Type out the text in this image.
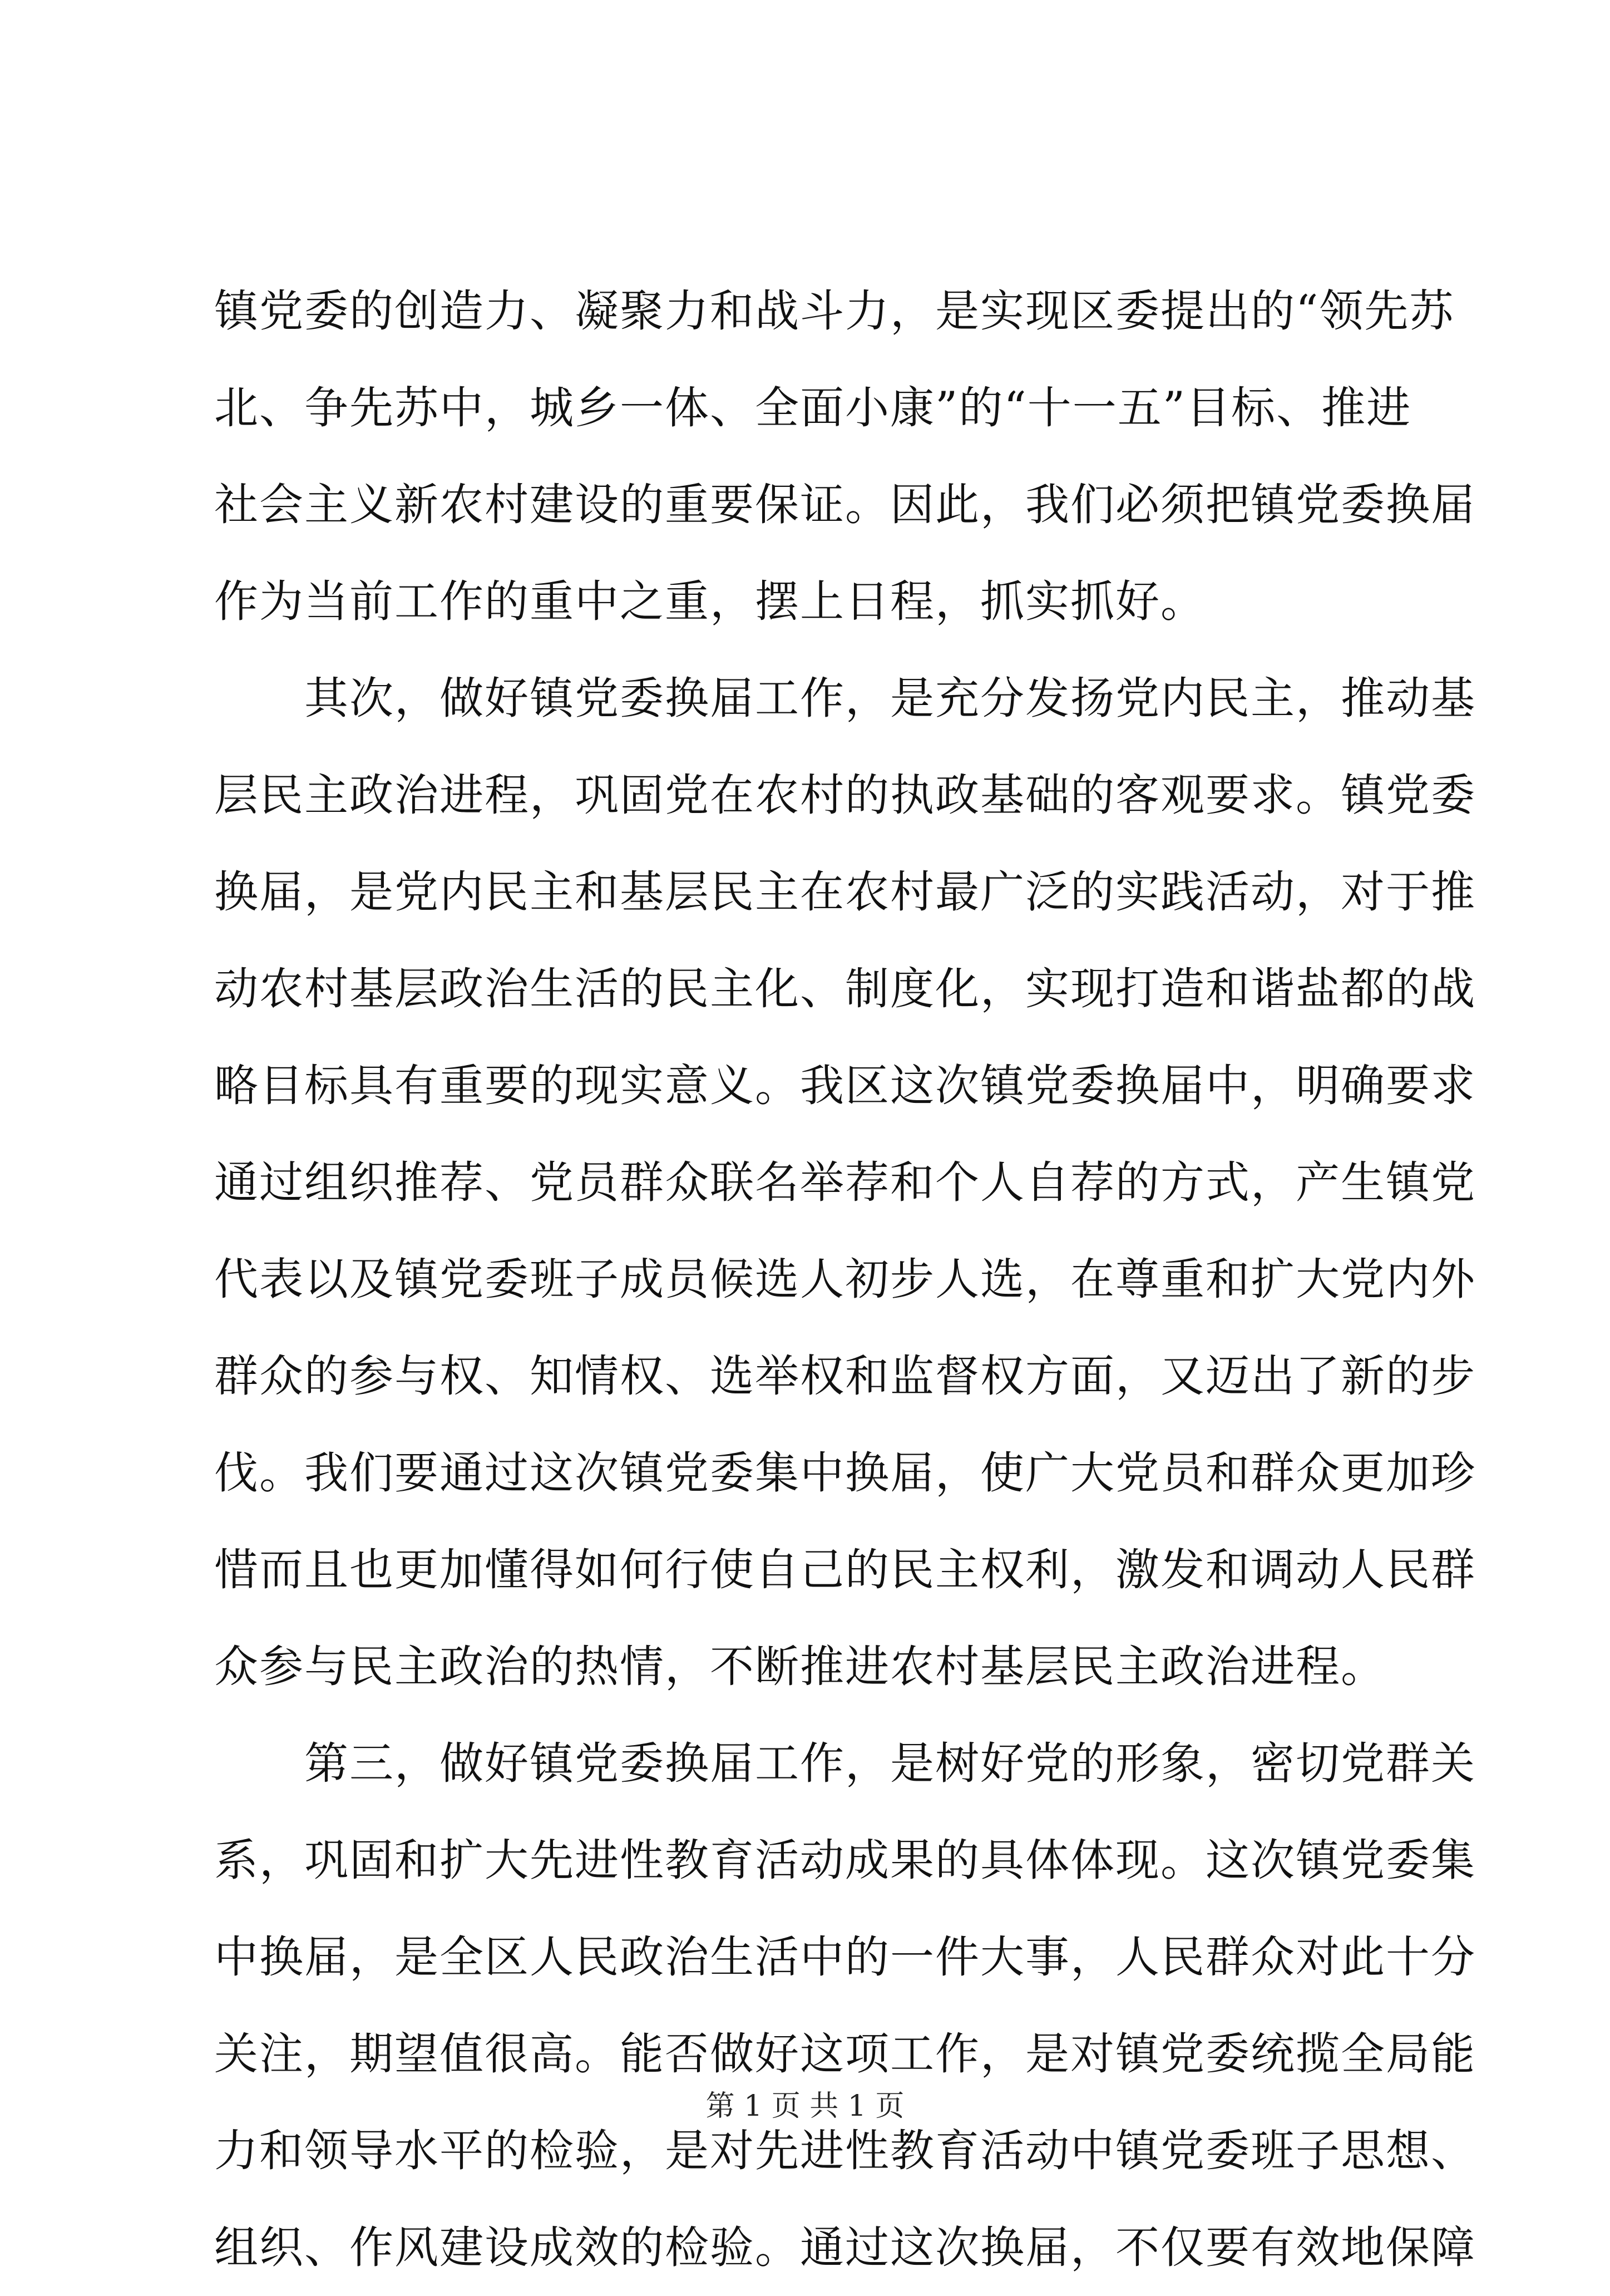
镇党委的创造力、凝聚力和战斗力，是实现区委提出的“领先苏
北、争先苏中，城乡一体、全面小康”的“十一五”目标、推进
社会主义新农村建设的重要保证。因此，我们必须把镇党委换届
作为当前工作的重中之重，摆上日程，抓实抓好。
　　其次，做好镇党委换届工作，是充分发扬党内民主，推动基
层民主政治进程，巩固党在农村的执政基础的客观要求。镇党委
换届，是党内民主和基层民主在农村最广泛的实践活动，对于推
动农村基层政治生活的民主化、制度化，实现打造和谐盐都的战
略目标具有重要的现实意义。我区这次镇党委换届中，明确要求
通过组织推荐、党员群众联名举荐和个人自荐的方式，产生镇党
代表以及镇党委班子成员候选人初步人选，在尊重和扩大党内外
群众的参与权、知情权、选举权和监督权方面，又迈出了新的步
伐。我们要通过这次镇党委集中换届，使广大党员和群众更加珍
惜而且也更加懂得如何行使自己的民主权利，激发和调动人民群
众参与民主政治的热情，不断推进农村基层民主政治进程。
　　第三，做好镇党委换届工作，是树好党的形象，密切党群关
系，巩固和扩大先进性教育活动成果的具体体现。这次镇党委集
中换届，是全区人民政治生活中的一件大事，人民群众对此十分
关注，期望值很高。能否做好这项工作，是对镇党委统揽全局能
力和领导水平的检验，是对先进性教育活动中镇党委班子思想、
组织、作风建设成效的检验。通过这次换届，不仅要有效地保障
第 1 页 共 1 页
